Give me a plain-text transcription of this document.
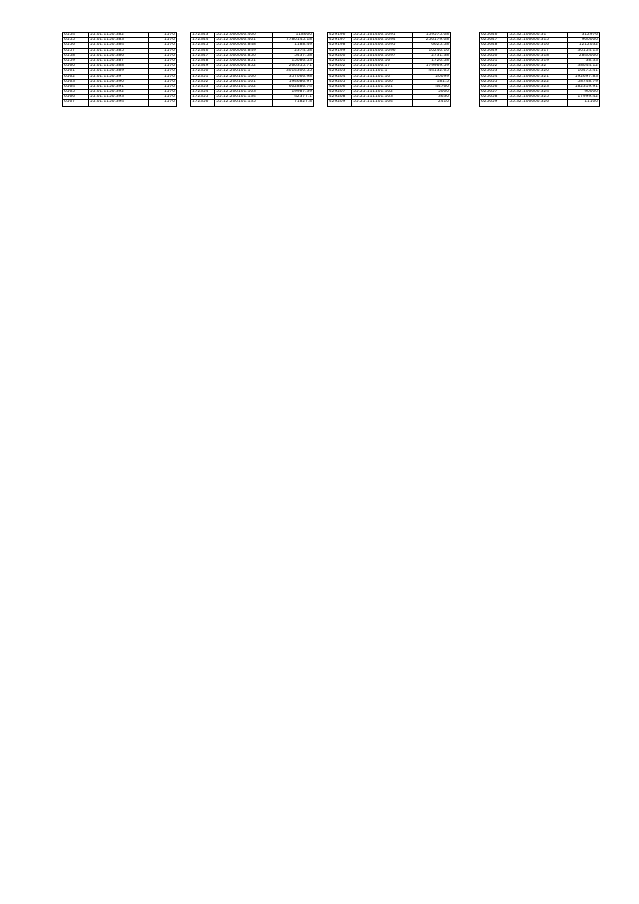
6554	55.01.1150.382	1570
6555	55.01.1150.383	1570
6556	55.01.1150.384	1570
6557	55.01.1150.385	1570
6558	55.01.1150.386	1570
6559	55.01.1150.387	1570
6560	55.01.1150.388	1570
6561	55.01.1150.389	1570
6562	55.01.1150.39	1570
6563	55.01.1150.390	1570
6564	55.01.1150.391	1570
6565	55.01.1150.392	1570
6566	55.01.1150.393	1570
6567	55.01.1150.394	1570
172343	55.12.000000.400	118600
172344	55.12.000000.401	7780145.18
172345	55.12.000000.848	1188.49
172346	55.12.000000.849	2374.58
172347	55.12.000000.850	5437.58
172348	55.12.000000.851	15086.53
172349	55.12.000000.852	260355.71
172350	55.12.200101.1	3014300.55
172351	55.12.200101.100	357066.98
172352	55.12.200101.101	194686.97
172353	55.12.200101.102	602886.74
172354	55.12.200101.103	19987.39
172355	55.12.200101.134	42377.1
172356	55.12.200101.135	71827.8
429196	55.25.101400.1091	159575.08
429197	55.25.101400.1094	256179.08
429198	55.25.101400.1095	6625.58
429199	55.25.101400.1096	10240.16
429200	55.25.101400.1097	2731.38
429201	55.25.101400.16	1720.58
429202	55.25.101400.17	179969.59
429203	55.25.111101.1	44132.65
429204	55.25.111101.10	20099
429205	55.25.111101.100	181.5
429206	55.25.111101.101	44760
429207	55.25.111101.102	5000
429208	55.25.111101.103	3630
429209	55.25.111101.104	2410
625646	55.32.106600.31	312976
625647	55.32.106600.315	960000
625648	55.32.106600.316	1212032
625649	55.32.106600.317	30154.13
625650	55.32.106600.318	2840000
625651	55.32.106600.319	38.33
625652	55.32.106600.32	38044.12
625653	55.32.106600.320	16475.41
625654	55.32.106600.321	192697.83
625655	55.32.106600.322	58748.79
625656	55.32.106600.323	182319.91
625657	55.32.106600.324	90000
625658	55.32.106600.325	17999.42
625659	55.32.106600.326	11100
